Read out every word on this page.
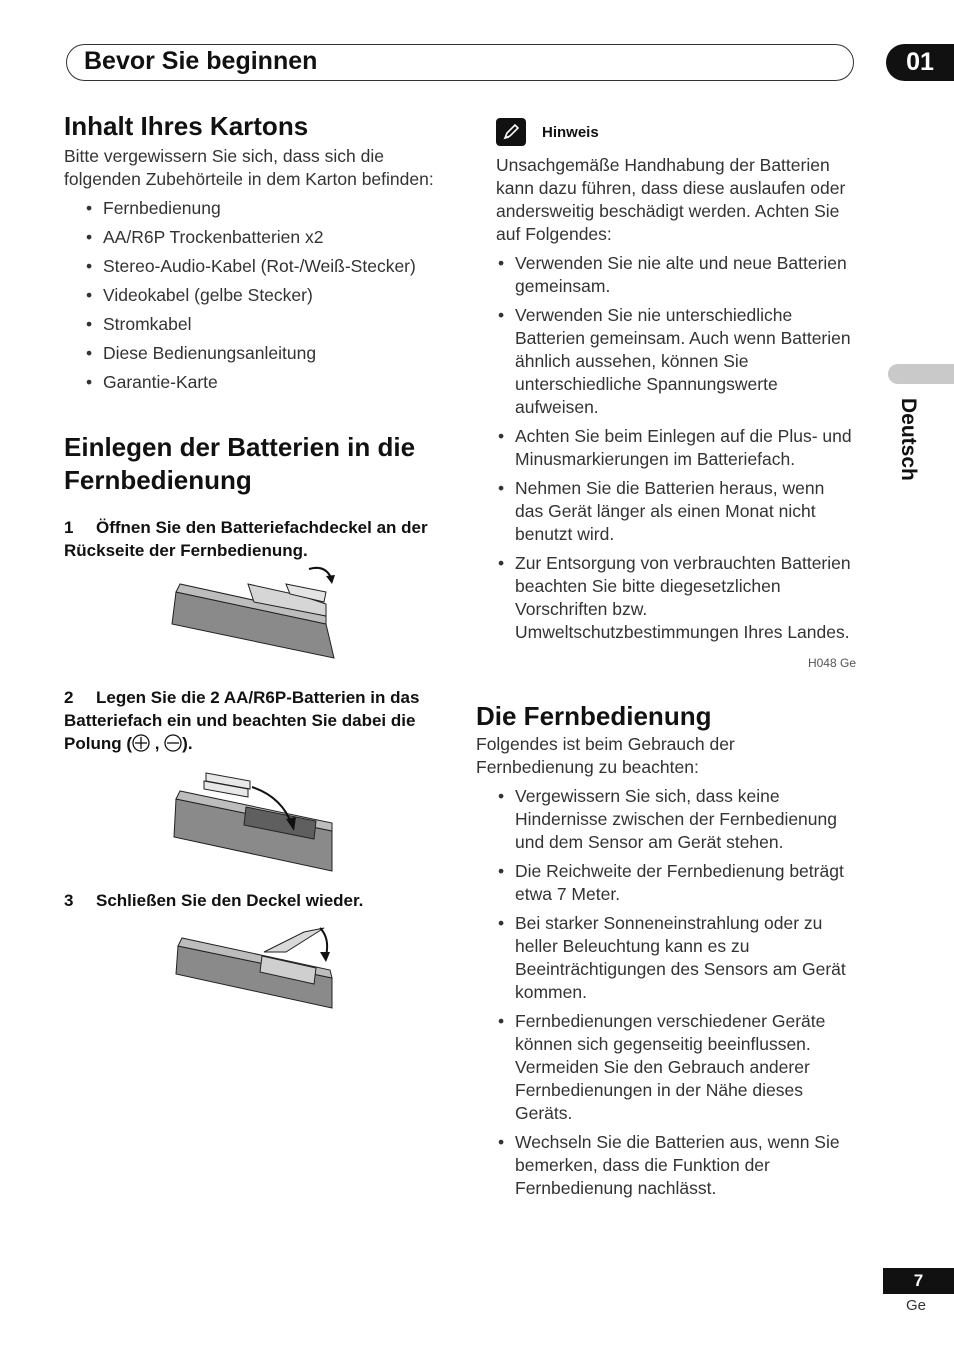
Bevor Sie beginnen	01
Deutsch
Inhalt Ihres Kartons

Bitte vergewissern Sie sich, dass sich die folgenden Zubehörteile in dem Karton befinden:

• Fernbedienung
• AA/R6P Trockenbatterien x2
• Stereo-Audio-Kabel (Rot-/Weiß-Stecker)
• Videokabel (gelbe Stecker)
• Stromkabel
• Diese Bedienungsanleitung
• Garantie-Karte
Einlegen der Batterien in die Fernbedienung

1 Öffnen Sie den Batteriefachdeckel an der Rückseite der Fernbedienung.

2 Legen Sie die 2 AA/R6P-Batterien in das Batteriefach ein und beachten Sie dabei die Polung ( , ).

3 Schließen Sie den Deckel wieder.

Hinweis

Unsachgemäße Handhabung der Batterien kann dazu führen, dass diese auslaufen oder andersweitig beschädigt werden. Achten Sie auf Folgendes:

• Verwenden Sie nie alte und neue Batterien gemeinsam.
• Verwenden Sie nie unterschiedliche Batterien gemeinsam. Auch wenn Batterien ähnlich aussehen, können Sie unterschiedliche Spannungswerte aufweisen.
• Achten Sie beim Einlegen auf die Plus- und Minusmarkierungen im Batteriefach.
• Nehmen Sie die Batterien heraus, wenn das Gerät länger als einen Monat nicht benutzt wird.
• Zur Entsorgung von verbrauchten Batterien beachten Sie bitte diegesetzlichen Vorschriften bzw. Umweltschutzbestimmungen Ihres Landes.
H048 Ge
Die Fernbedienung

Folgendes ist beim Gebrauch der Fernbedienung zu beachten:

• Vergewissern Sie sich, dass keine Hindernisse zwischen der Fernbedienung und dem Sensor am Gerät stehen.
• Die Reichweite der Fernbedienung beträgt etwa 7 Meter.
• Bei starker Sonneneinstrahlung oder zu heller Beleuchtung kann es zu Beeinträchtigungen des Sensors am Gerät kommen.
• Fernbedienungen verschiedener Geräte können sich gegenseitig beeinflussen. Vermeiden Sie den Gebrauch anderer Fernbedienungen in der Nähe dieses Geräts.
• Wechseln Sie die Batterien aus, wenn Sie bemerken, dass die Funktion der Fernbedienung nachlässt.
7
Ge
